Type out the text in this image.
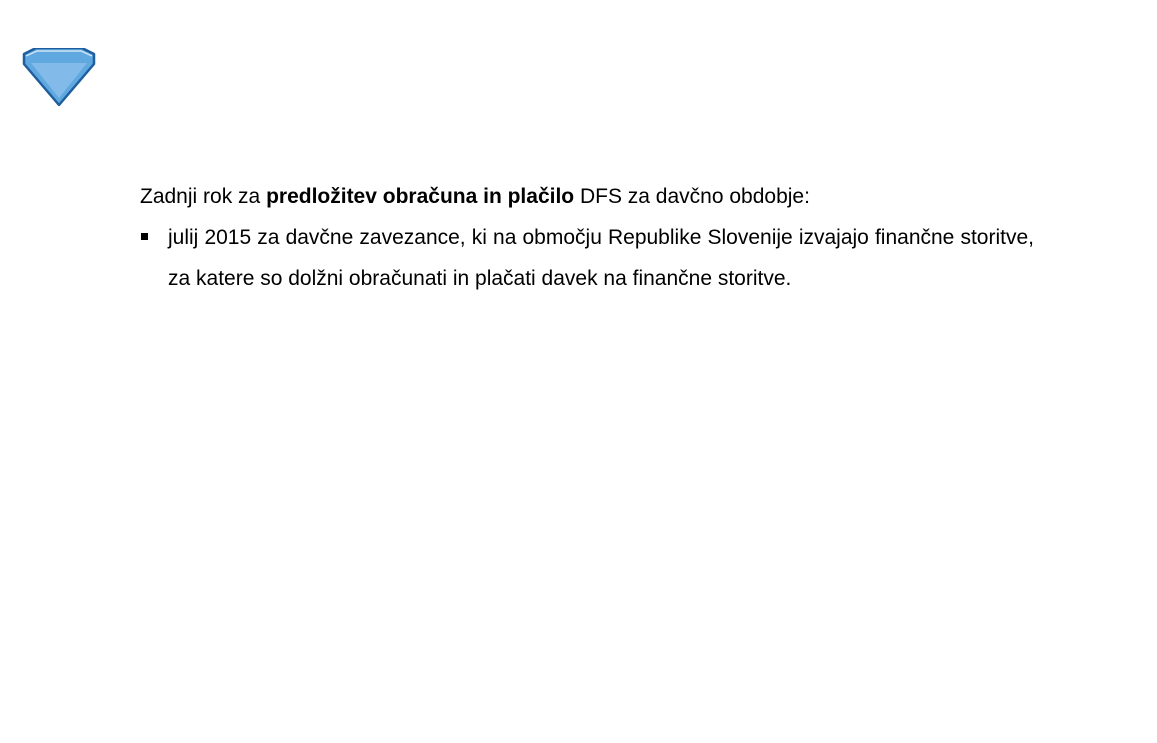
Zadnji rok za predložitev obračuna in plačilo DFS za davčno obdobje:

julij 2015 za davčne zavezance, ki na območju Republike Slovenije izvajajo finančne storitve, za katere so dolžni obračunati in plačati davek na finančne storitve.
